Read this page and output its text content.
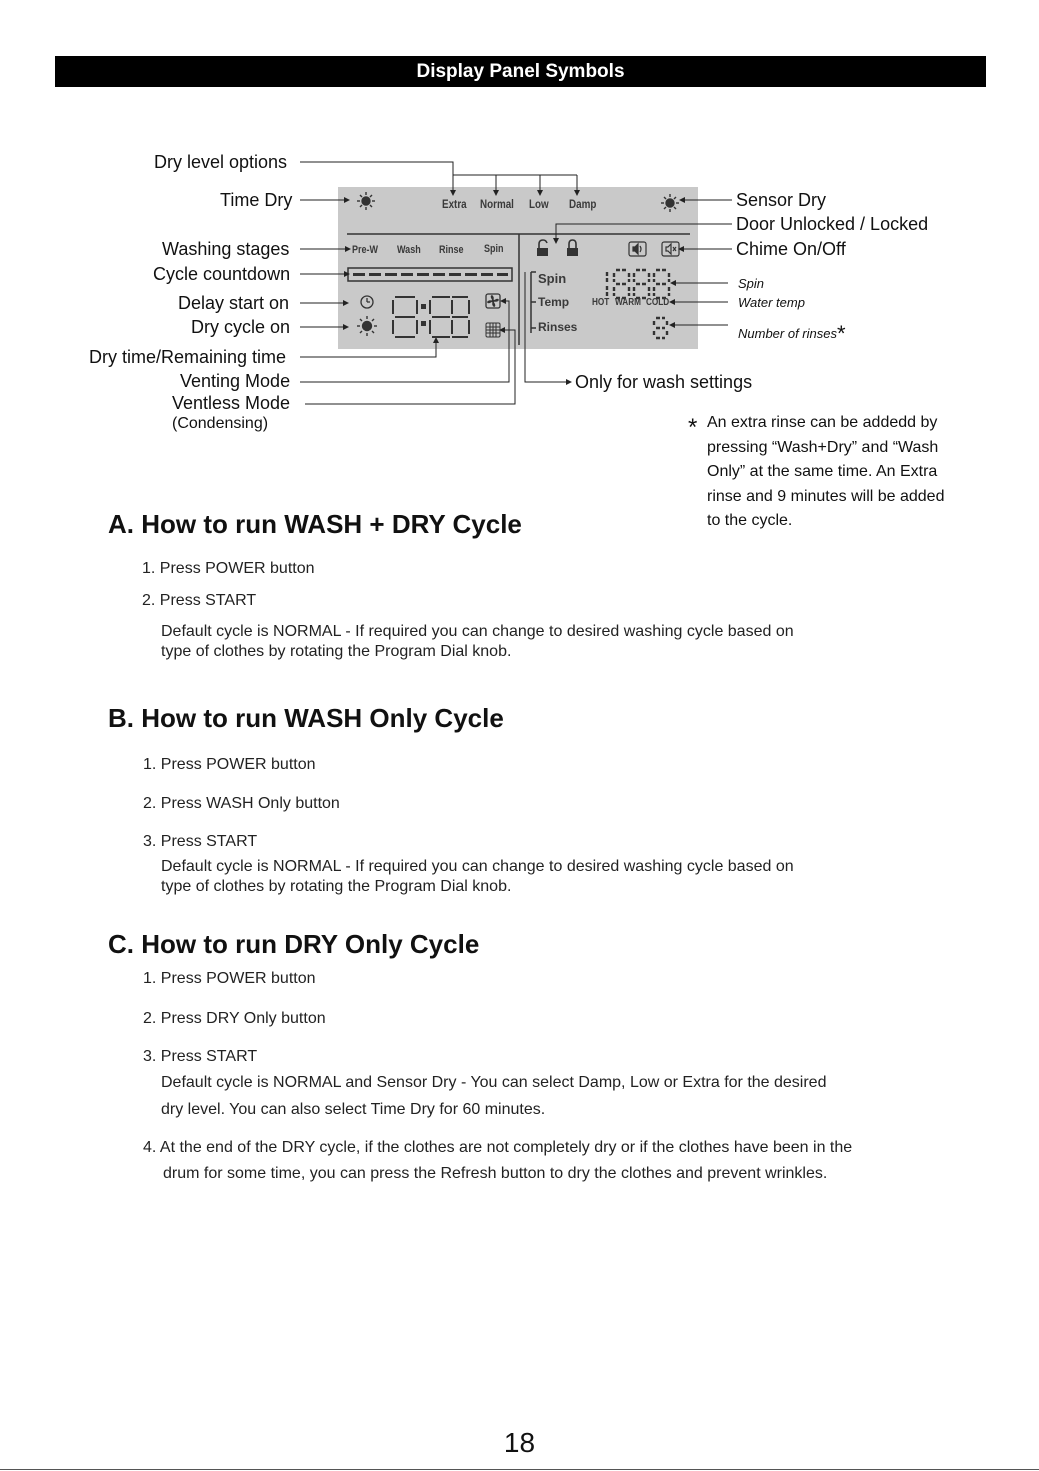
Display Panel Symbols
Extra Normal Low Damp
Pre-W Wash Rinse Spin
Spin
Temp
Rinses
HOT WARM COLD
Dry level options
Time Dry
Washing stages
Cycle countdown
Delay start on
Dry cycle on
Dry time/Remaining time
Venting Mode
Ventless Mode
(Condensing)
Sensor Dry
Door Unlocked / Locked
Chime On/Off
Spin
Water temp
Number of rinses*
Only for wash settings
* An extra rinse can be addedd by pressing “Wash+Dry” and “Wash Only” at the same time. An Extra rinse and 9 minutes will be added to the cycle.
A. How to run WASH + DRY Cycle
1. Press POWER button
2. Press START
Default cycle is NORMAL - If required you can change to desired washing cycle based on
type of clothes by rotating the Program Dial knob.
B. How to run WASH Only Cycle
1. Press POWER button
2. Press WASH Only button
3. Press START
Default cycle is NORMAL - If required you can change to desired washing cycle based on
type of clothes by rotating the Program Dial knob.
C. How to run DRY Only Cycle
1. Press POWER button
2. Press DRY Only button
3. Press START
Default cycle is NORMAL and Sensor Dry - You can select Damp, Low or Extra for the desired
dry level. You can also select Time Dry for 60 minutes.
4. At the end of the DRY cycle, if the clothes are not completely dry or if the clothes have been in the
drum for some time, you can press the Refresh button to dry the clothes and prevent wrinkles.
18
